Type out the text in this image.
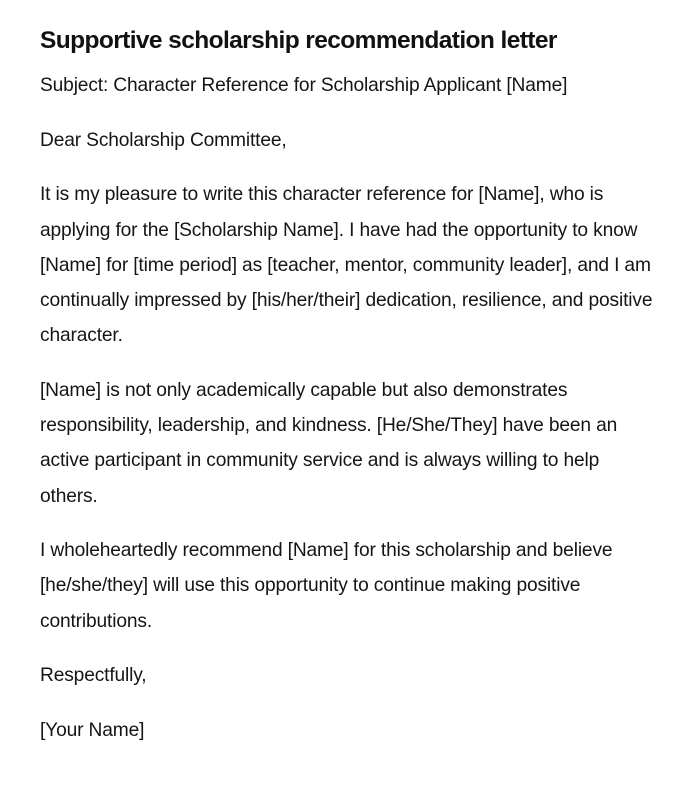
Supportive scholarship recommendation letter

Subject: Character Reference for Scholarship Applicant [Name]

Dear Scholarship Committee,

It is my pleasure to write this character reference for [Name], who is applying for the [Scholarship Name]. I have had the opportunity to know [Name] for [time period] as [teacher, mentor, community leader], and I am continually impressed by [his/her/their] dedication, resilience, and positive character.

[Name] is not only academically capable but also demonstrates responsibility, leadership, and kindness. [He/She/They] have been an active participant in community service and is always willing to help others.

I wholeheartedly recommend [Name] for this scholarship and believe [he/she/they] will use this opportunity to continue making positive contributions.

Respectfully,

[Your Name]
